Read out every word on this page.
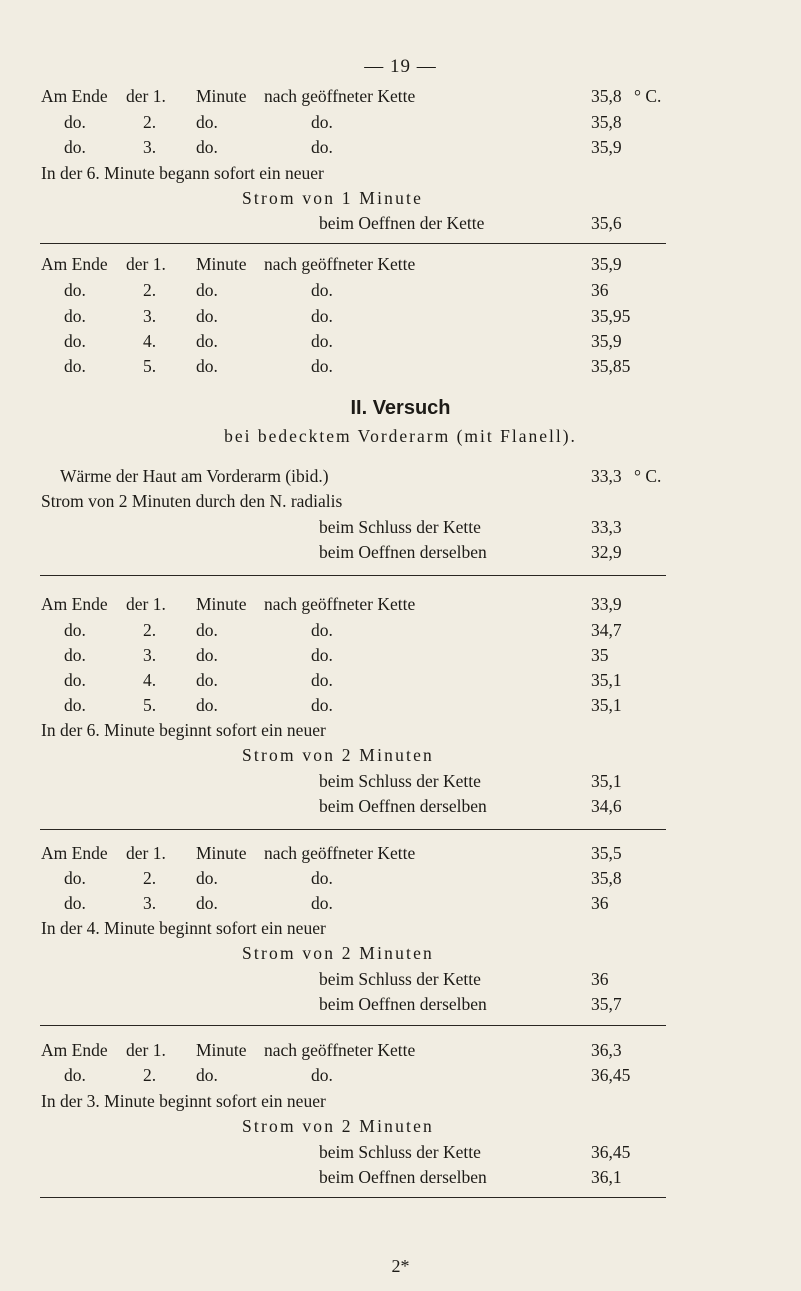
— 19 —
Am Ende der 1. Minute nach geöffneter Kette	35,8 ° C.
do.	2. do.	do.	35,8
do.	3. do.	do.	35,9
In der 6. Minute begann sofort ein neuer
Strom von 1 Minute
beim Oeffnen der Kette	35,6
Am Ende der 1. Minute nach geöffneter Kette	35,9
do.	2. do.	do.	36
do.	3. do.	do.	35,95
do.	4. do.	do.	35,9
do.	5. do.	do.	35,85
II. Versuch
bei bedecktem Vorderarm (mit Flanell).
Wärme der Haut am Vorderarm (ibid.)	33,3 ° C.
Strom von 2 Minuten durch den N. radialis
beim Schluss der Kette	33,3
beim Oeffnen derselben	32,9
Am Ende der 1. Minute nach geöffneter Kette	33,9
do.	2. do.	do.	34,7
do.	3. do.	do.	35
do.	4. do.	do.	35,1
do.	5. do.	do.	35,1
In der 6. Minute beginnt sofort ein neuer
Strom von 2 Minuten
beim Schluss der Kette	35,1
beim Oeffnen derselben	34,6
Am Ende der 1. Minute nach geöffneter Kette	35,5
do.	2. do.	do.	35,8
do.	3. do.	do.	36
In der 4. Minute beginnt sofort ein neuer
Strom von 2 Minuten
beim Schluss der Kette	36
beim Oeffnen derselben	35,7
Am Ende der 1. Minute nach geöffneter Kette	36,3
do.	2. do.	do.	36,45
In der 3. Minute beginnt sofort ein neuer
Strom von 2 Minuten
beim Schluss der Kette	36,45
beim Oeffnen derselben	36,1
2*
